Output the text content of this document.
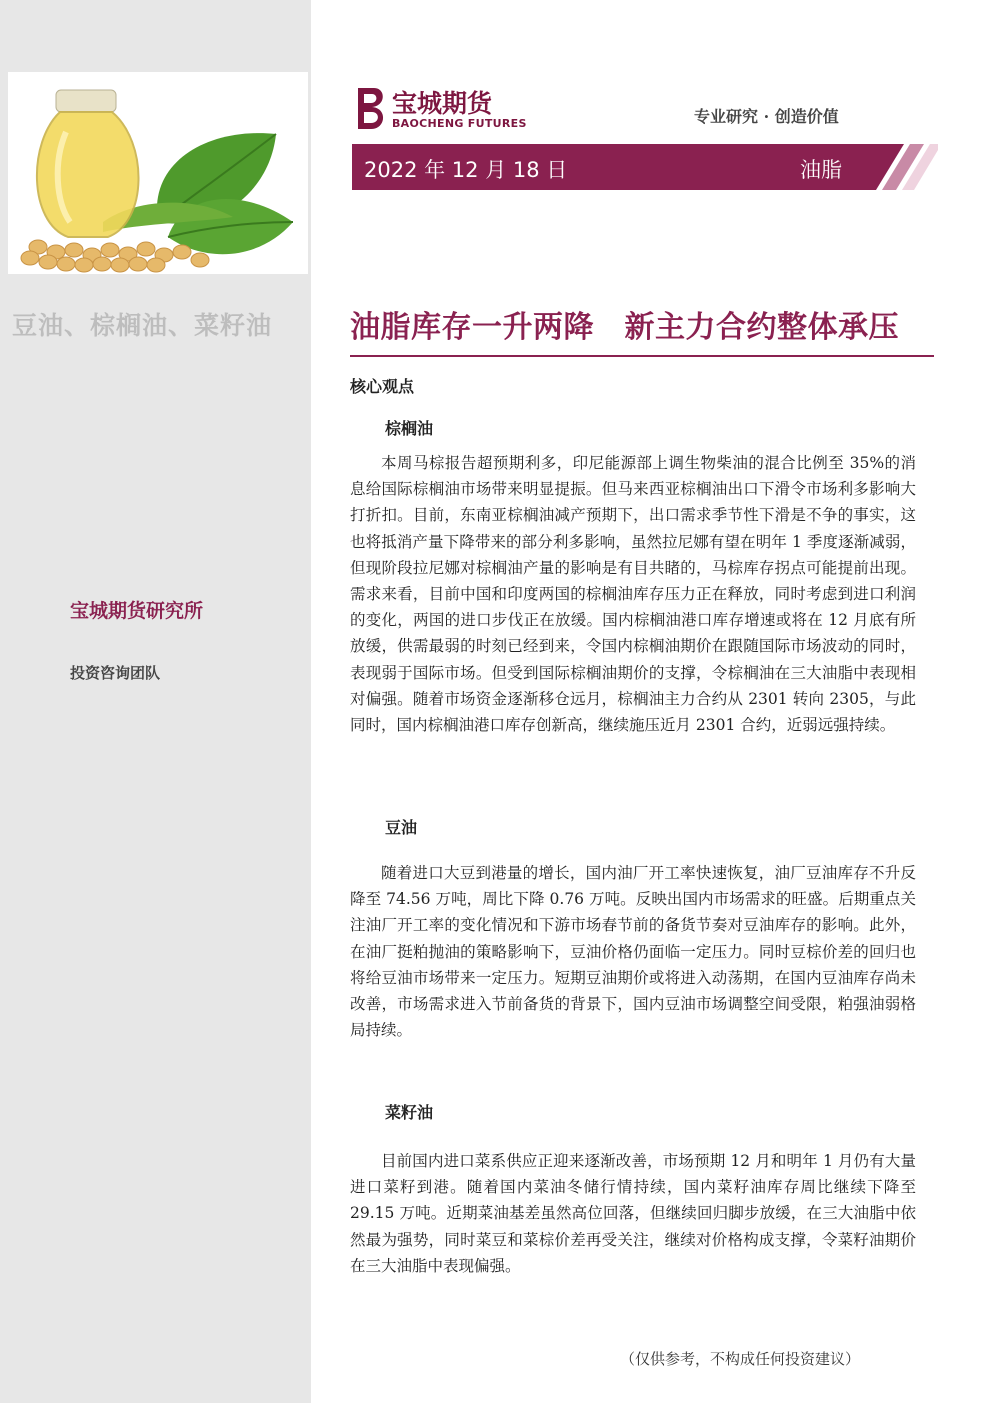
豆油、棕榈油、菜籽油
宝城期货研究所
投资咨询团队
宝城期货
BAOCHENG FUTURES	专业研究 · 创造价值
2022 年 12 月 18 日	油脂
油脂库存一升两降　新主力合约整体承压
核心观点
棕榈油
本周马棕报告超预期利多，印尼能源部上调生物柴油的混合比例至 35%的消息给国际棕榈油市场带来明显提振。但马来西亚棕榈油出口下滑令市场利多影响大打折扣。目前，东南亚棕榈油减产预期下，出口需求季节性下滑是不争的事实，这也将抵消产量下降带来的部分利多影响，虽然拉尼娜有望在明年 1 季度逐渐减弱，但现阶段拉尼娜对棕榈油产量的影响是有目共睹的，马棕库存拐点可能提前出现。需求来看，目前中国和印度两国的棕榈油库存压力正在释放，同时考虑到进口利润的变化，两国的进口步伐正在放缓。国内棕榈油港口库存增速或将在 12 月底有所放缓，供需最弱的时刻已经到来，令国内棕榈油期价在跟随国际市场波动的同时，表现弱于国际市场。但受到国际棕榈油期价的支撑，令棕榈油在三大油脂中表现相对偏强。随着市场资金逐渐移仓远月，棕榈油主力合约从 2301 转向 2305，与此同时，国内棕榈油港口库存创新高，继续施压近月 2301 合约，近弱远强持续。
豆油
随着进口大豆到港量的增长，国内油厂开工率快速恢复，油厂豆油库存不升反降至 74.56 万吨，周比下降 0.76 万吨。反映出国内市场需求的旺盛。后期重点关注油厂开工率的变化情况和下游市场春节前的备货节奏对豆油库存的影响。此外，在油厂挺粕抛油的策略影响下，豆油价格仍面临一定压力。同时豆棕价差的回归也将给豆油市场带来一定压力。短期豆油期价或将进入动荡期，在国内豆油库存尚未改善，市场需求进入节前备货的背景下，国内豆油市场调整空间受限，粕强油弱格局持续。
菜籽油
目前国内进口菜系供应正迎来逐渐改善，市场预期 12 月和明年 1 月仍有大量进口菜籽到港。随着国内菜油冬储行情持续，国内菜籽油库存周比继续下降至 29.15 万吨。近期菜油基差虽然高位回落，但继续回归脚步放缓，在三大油脂中依然最为强势，同时菜豆和菜棕价差再受关注，继续对价格构成支撑，令菜籽油期价在三大油脂中表现偏强。
（仅供参考，不构成任何投资建议）
